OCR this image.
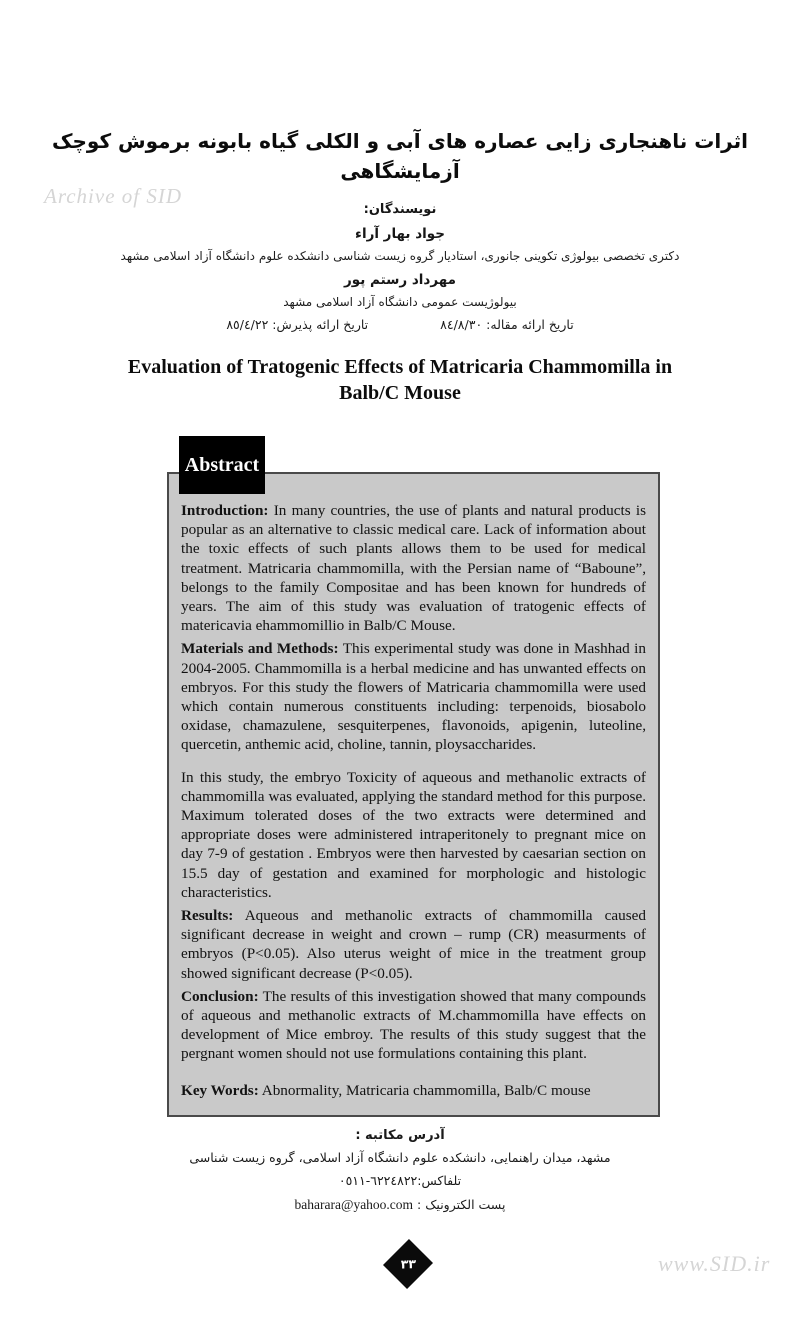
Archive of SID
اثرات ناهنجاری زایی عصاره های آبی و الکلی گیاه بابونه برموش کوچک آزمایشگاهی
نویسندگان:
جواد بهار آراء
دکتری تخصصی بیولوژی تکوینی جانوری، استادیار گروه زیست شناسی دانشکده علوم دانشگاه آزاد اسلامی مشهد
مهرداد رستم پور
بیولوژیست عمومی دانشگاه آزاد اسلامی مشهد
تاریخ ارائه مقاله: ٨٤/٨/٣٠تاریخ ارائه پذیرش: ٨٥/٤/٢٢
Evaluation of Tratogenic Effects of Matricaria Chammomilla in Balb/C Mouse
Abstract

Introduction: In many countries, the use of plants and natural products is popular as an alternative to classic medical care. Lack of information about the toxic effects of such plants allows them to be used for medical treatment. Matricaria chammomilla, with the Persian name of “Baboune”, belongs to the family Compositae and has been known for hundreds of years. The aim of this study was evaluation of tratogenic effects of matericavia ehammomillio in Balb/C Mouse.

Materials and Methods: This experimental study was done in Mashhad in 2004-2005. Chammomilla is a herbal medicine and has unwanted effects on embryos. For this study the flowers of Matricaria chammomilla were used which contain numerous constituents including: terpenoids, biosabolo oxidase, chamazulene, sesquiterpenes, flavonoids, apigenin, luteoline, quercetin, anthemic acid, choline, tannin, ploysaccharides.

In this study, the embryo Toxicity of aqueous and methanolic extracts of chammomilla was evaluated, applying the standard method for this purpose. Maximum tolerated doses of the two extracts were determined and appropriate doses were administered intraperitonely to pregnant mice on day 7-9 of gestation . Embryos were then harvested by caesarian section on 15.5 day of gestation and examined for morphologic and histologic characteristics.

Results: Aqueous and methanolic extracts of chammomilla caused significant decrease in weight and crown – rump (CR) measurments of embryos (P<0.05). Also uterus weight of mice in the treatment group showed significant decrease (P<0.05).

Conclusion: The results of this investigation showed that many compounds of aqueous and methanolic extracts of M.chammomilla have effects on development of Mice embroy. The results of this study suggest that the pergnant women should not use formulations containing this plant.

Key Words: Abnormality, Matricaria chammomilla, Balb/C mouse

آدرس مکاتبه :
مشهد، میدان راهنمایی، دانشکده علوم دانشگاه آزاد اسلامی، گروه زیست شناسی
تلفاکس:٦٢٢٤٨٢٢-٠٥١١
پست الکترونیک : baharara@yahoo.com
٣٣	www.SID.ir
